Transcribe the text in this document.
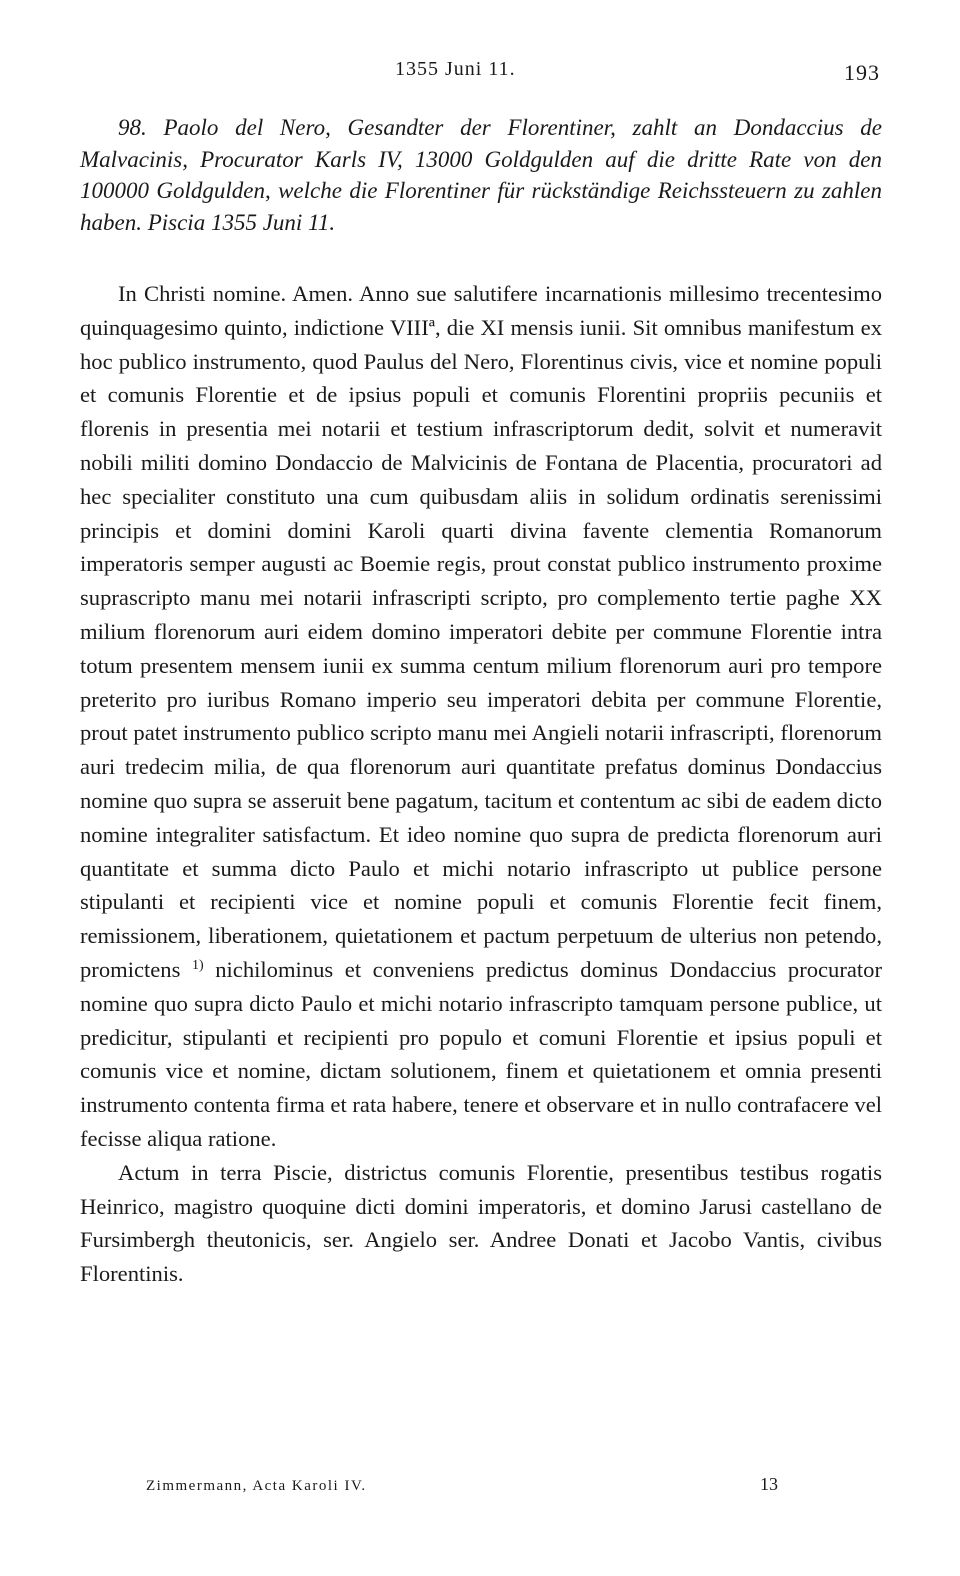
1355 Juni 11.	193
98. Paolo del Nero, Gesandter der Florentiner, zahlt an Dondaccius de Malvacinis, Procurator Karls IV, 13000 Goldgulden auf die dritte Rate von den 100000 Goldgulden, welche die Florentiner für rückständige Reichssteuern zu zahlen haben. Piscia 1355 Juni 11.

In Christi nomine. Amen. Anno sue salutifere incarnationis millesimo trecentesimo quinquagesimo quinto, indictione VIIIª, die XI mensis iunii. Sit omnibus manifestum ex hoc publico instrumento, quod Paulus del Nero, Florentinus civis, vice et nomine populi et comunis Florentie et de ipsius populi et comunis Florentini propriis pecuniis et florenis in presentia mei notarii et testium infrascriptorum dedit, solvit et numeravit nobili militi domino Dondaccio de Malvicinis de Fontana de Placentia, procuratori ad hec specialiter constituto una cum quibusdam aliis in solidum ordinatis serenissimi principis et domini domini Karoli quarti divina favente clementia Romanorum imperatoris semper augusti ac Boemie regis, prout constat publico instrumento proxime suprascripto manu mei notarii infrascripti scripto, pro complemento tertie paghe XX milium florenorum auri eidem domino imperatori debite per commune Florentie intra totum presentem mensem iunii ex summa centum milium florenorum auri pro tempore preterito pro iuribus Romano imperio seu imperatori debita per commune Florentie, prout patet instrumento publico scripto manu mei Angieli notarii infrascripti, florenorum auri tredecim milia, de qua florenorum auri quantitate prefatus dominus Dondaccius nomine quo supra se asseruit bene pagatum, tacitum et contentum ac sibi de eadem dicto nomine integraliter satisfactum. Et ideo nomine quo supra de predicta florenorum auri quantitate et summa dicto Paulo et michi notario infrascripto ut publice persone stipulanti et recipienti vice et nomine populi et comunis Florentie fecit finem, remissionem, liberationem, quietationem et pactum perpetuum de ulterius non petendo, promictens $^{1)}$ nichilominus et conveniens predictus dominus Dondaccius procurator nomine quo supra dicto Paulo et michi notario infrascripto tamquam persone publice, ut predicitur, stipulanti et recipienti pro populo et comuni Florentie et ipsius populi et comunis vice et nomine, dictam solutionem, finem et quietationem et omnia presenti instrumento contenta firma et rata habere, tenere et observare et in nullo contrafacere vel fecisse aliqua ratione.

Actum in terra Piscie, districtus comunis Florentie, presentibus testibus rogatis Heinrico, magistro quoquine dicti domini imperatoris, et domino Jarusi castellano de Fursimbergh theutonicis, ser. Angielo ser. Andree Donati et Jacobo Vantis, civibus Florentinis.

Zimmermann, Acta Karoli IV.	13
